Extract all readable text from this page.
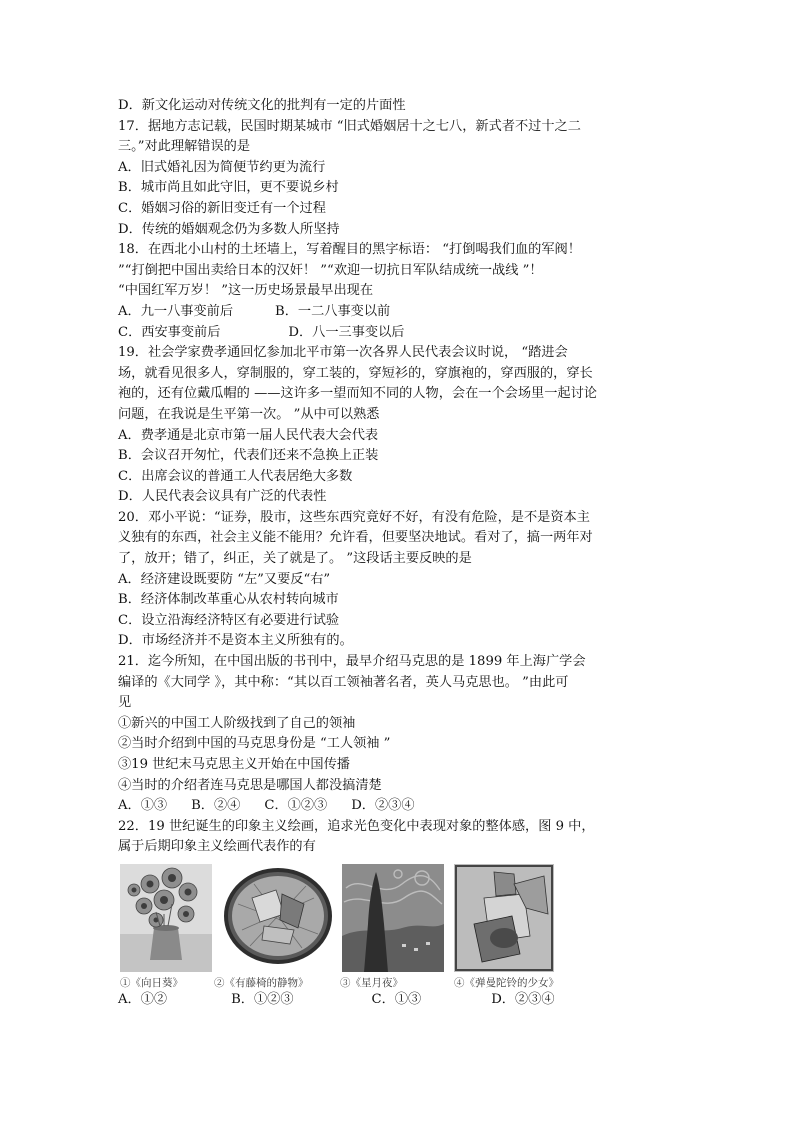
D．新文化运动对传统文化的批判有一定的片面性
17．据地方志记载，民国时期某城市 “旧式婚姻居十之七八，新式者不过十之二
三。”对此理解错误的是
A．旧式婚礼因为简便节约更为流行
B．城市尚且如此守旧，更不要说乡村
C．婚姻习俗的新旧变迁有一个过程
D．传统的婚姻观念仍为多数人所坚持
18．在西北小山村的土坯墙上，写着醒目的黑字标语： “打倒喝我们血的军阀！
”“打倒把中国出卖给日本的汉奸！ ”“欢迎一切抗日军队结成统一战线 ”！
“中国红军万岁！ ”这一历史场景最早出现在
A．九一八事变前后	B．一二八事变以前
C．西安事变前后	D．八一三事变以后
19．社会学家费孝通回忆参加北平市第一次各界人民代表会议时说， “踏进会
场，就看见很多人，穿制服的，穿工装的，穿短衫的，穿旗袍的，穿西服的，穿长
袍的，还有位戴瓜帽的 ——这许多一望而知不同的人物，会在一个会场里一起讨论
问题，在我说是生平第一次。 ”从中可以熟悉
A．费孝通是北京市第一届人民代表大会代表
B．会议召开匆忙，代表们还来不急换上正装
C．出席会议的普通工人代表居绝大多数
D．人民代表会议具有广泛的代表性
20．邓小平说：“证券，股市，这些东西究竟好不好，有没有危险，是不是资本主
义独有的东西，社会主义能不能用？允许看，但要坚决地试。看对了，搞一两年对
了，放开；错了，纠正，关了就是了。 ”这段话主要反映的是
A．经济建设既要防 “左”又要反“右”
B．经济体制改革重心从农村转向城市
C．设立沿海经济特区有必要进行试验
D．市场经济并不是资本主义所独有的。
21．迄今所知，在中国出版的书刊中，最早介绍马克思的是 1899 年上海广学会
编译的《大同学 》，其中称：“其以百工领袖著名者，英人马克思也。 ”由此可
见
①新兴的中国工人阶级找到了自己的领袖
②当时介绍到中国的马克思身份是 “工人领袖 ”
③19 世纪末马克思主义开始在中国传播
④当时的介绍者连马克思是哪国人都没搞清楚
A．①③ B．②④ C．①②③ D．②③④
22．19 世纪诞生的印象主义绘画，追求光色变化中表现对象的整体感，图 9 中，
属于后期印象主义绘画代表作的有
①《向日葵》	②《有藤椅的静物》	③《星月夜》	④《弹曼陀铃的少女》
A．①②	B．①②③	C．①③	D．②③④
